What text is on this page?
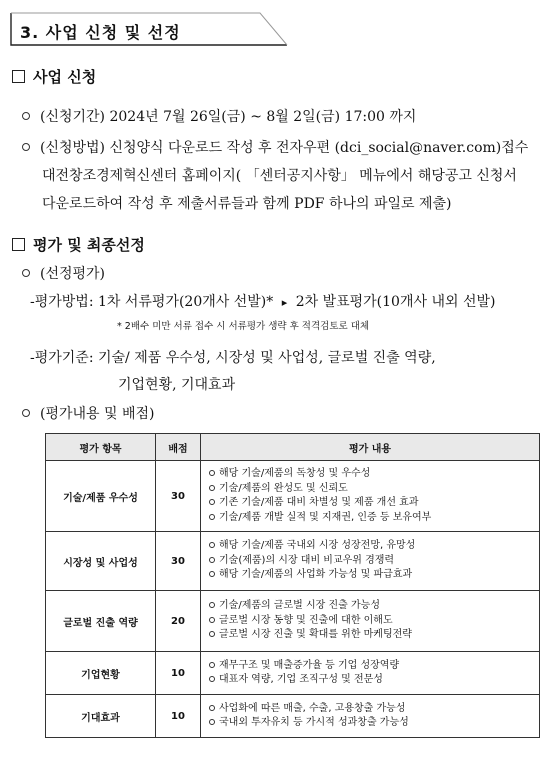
3. 사업 신청 및 선정
사업 신청
(신청기간) 2024년 7월 26일(금) ~ 8월 2일(금) 17:00 까지
(신청방법) 신청양식 다운로드 작성 후 전자우편 (dci_social@naver.com)접수
대전창조경제혁신센터 홈페이지( 「센터공지사항」 메뉴에서 해당공고 신청서
다운로드하여 작성 후 제출서류들과 함께 PDF 하나의 파일로 제출)
평가 및 최종선정
(선정평가)
-평가방법: 1차 서류평가(20개사 선발)* ▸ 2차 발표평가(10개사 내외 선발)
* 2배수 미만 서류 접수 시 서류평가 생략 후 적격검토로 대체
-평가기준: 기술/ 제품 우수성, 시장성 및 사업성, 글로벌 진출 역량,
기업현황, 기대효과
(평가내용 및 배점)
평가 항목	배점	평가 내용
기술/제품 우수성	30	해당 기술/제품의 독창성 및 우수성
기술/제품의 완성도 및 신뢰도
기존 기술/제품 대비 차별성 및 제품 개선 효과
기술/제품 개발 실적 및 지재권, 인증 등 보유여부

시장성 및 사업성	30	해당 기술/제품 국내외 시장 성장전망, 유망성
기술(제품)의 시장 대비 비교우위 경쟁력
해당 기술/제품의 사업화 가능성 및 파급효과

글로벌 진출 역량	20	기술/제품의 글로벌 시장 진출 가능성
글로벌 시장 동향 및 진출에 대한 이해도
글로벌 시장 진출 및 확대를 위한 마케팅전략

기업현황	10	재무구조 및 매출증가율 등 기업 성장역량
대표자 역량, 기업 조직구성 및 전문성

기대효과	10	사업화에 따른 매출, 수출, 고용창출 가능성
국내외 투자유치 등 가시적 성과창출 가능성
